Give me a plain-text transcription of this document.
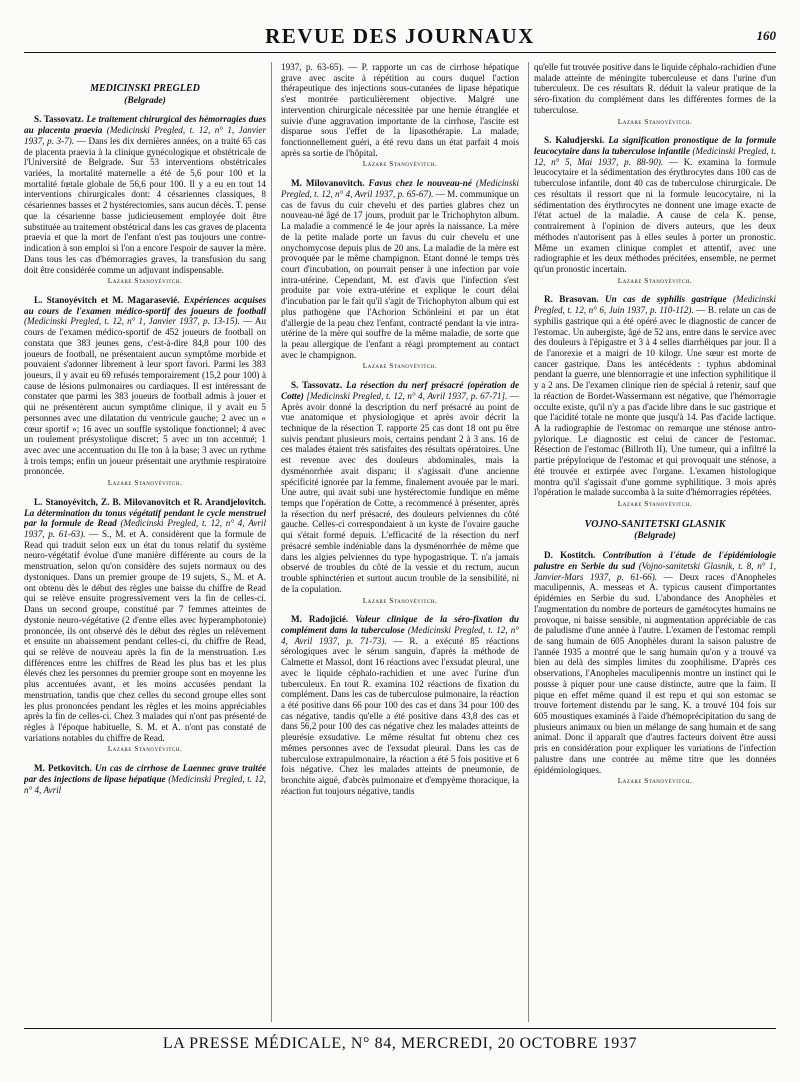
REVUE DES JOURNAUX	160
MEDICINSKI PREGLED
(Belgrade)

S. Tassovatz. Le traitement chirurgical des hémorragies dues au placenta praevia (Medicinski Pregled, t. 12, n° 1, Janvier 1937, p. 3-7). — Dans les dix dernières années, on a traité 65 cas de placenta praevia à la clinique gynécologique et obstétricale de l'Université de Belgrade. Sur 53 interventions obstétricales variées, la mortalité maternelle a été de 5,6 pour 100 et la mortalité fœtale globale de 56,6 pour 100. Il y a eu en tout 14 interventions chirurgicales dont: 4 césariennes classiques, 8 césariennes basses et 2 hystérectomies, sans aucun décès. T. pense que la césarienne basse judicieusement employée doit être substituée au traitement obstétrical dans les cas graves de placenta praevia et que la mort de l'enfant n'est pas toujours une contre-indication à son emploi si l'on a encore l'espoir de sauver la mère. Dans tous les cas d'hémorragies graves, la transfusion du sang doit être considérée comme un adjuvant indispensable.

Lazare Stanoyévitch.

L. Stanoyévitch et M. Magarasevié. Expériences acquises au cours de l'examen médico-sportif des joueurs de football (Medicinski Pregled, t. 12, n° 1, Janvier 1937, p. 13-15). — Au cours de l'examen médico-sportif de 452 joueurs de football on constata que 383 jeunes gens, c'est-à-dire 84,8 pour 100 des joueurs de football, ne présentaient aucun symptôme morbide et pouvaient s'adonner librement à leur sport favori. Parmi les 383 joueurs, il y avait eu 69 refusés temporairement (15,2 pour 100) à cause de lésions pulmonaires ou cardiaques. Il est intéressant de constater que parmi les 383 joueurs de football admis à jouer et qui ne présentèrent aucun symptôme clinique, il y avait eu 5 personnes avec une dilatation du ventricule gauche; 2 avec un « cœur sportif »; 16 avec un souffle systolique fonctionnel; 4 avec un roulement présystolique discret; 5 avec un ton accentué; 1 avec avec une accentuation du IIe ton à la base; 3 avec un rythme à trois temps; enfin un joueur présentait une arythmie respiratoire prononcée.

Lazare Stanoyévitch.

L. Stanoyévitch, Z. B. Milovanovitch et R. Arandjelovitch. La détermination du tonus végétatif pendant le cycle menstruel par la formule de Read (Medicinski Pregled, t. 12, n° 4, Avril 1937, p. 61-63). — S., M. et A. considèrent que la formule de Read qui traduit selon eux un état du tonus relatif du système neuro-végétatif évolue d'une manière différente au cours de la menstruation, selon qu'on considère des sujets normaux ou des dystoniques. Dans un premier groupe de 19 sujets, S., M. et A. ont obtenu dès le début des règles une baisse du chiffre de Read qui se relève ensuite progressivement vers la fin de celles-ci. Dans un second groupe, constitué par 7 femmes atteintes de dystonie neuro-végétative (2 d'entre elles avec hyperamphotonie) prononcée, ils ont observé dès le début des règles un relèvement et ensuite un abaissement pendant celles-ci, du chiffre de Read, qui se relève de nouveau après la fin de la menstruation. Les différences entre les chiffres de Read les plus bas et les plus élevés chez les personnes du premier groupe sont en moyenne les plus accentuées avant, et les moins accusées pendant la menstruation, tandis que chez celles du second groupe elles sont les plus prononcées pendant les règles et les moins appréciables après la fin de celles-ci. Chez 3 malades qui n'ont pas présenté de règles à l'époque habituelle, S. M. et A. n'ont pas constaté de variations notables du chiffre de Read.

Lazare Stanoyévitch.

M. Petkovitch. Un cas de cirrhose de Laennec grave traitée par des injections de lipase hépatique (Medicinski Pregled, t. 12, n° 4, Avril

1937, p. 63-65). — P. rapporte un cas de cirrhose hépatique grave avec ascite à répétition au cours duquel l'action thérapeutique des injections sous-cutanées de lipase hépatique s'est montrée particulièrement objective. Malgré une intervention chirurgicale nécessitée par une hernie étranglée et suivie d'une aggravation importante de la cirrhose, l'ascite est disparue sous l'effet de la lipasothérapie. La malade, fonctionnellement guéri, a été revu dans un état parfait 4 mois après sa sortie de l'hôpital.

Lazare Stanoyévitch.

M. Milovanovitch. Favus chez le nouveau-né (Medicinski Pregled, t. 12, n° 4, Avril 1937, p. 65-67). — M. communique un cas de favus du cuir chevelu et des parties glabres chez un nouveau-né âgé de 17 jours, produit par le Trichophyton album. La maladie a commencé le 4e jour après la naissance. La mère de la petite malade porte un favus du cuir chevelu et une onychomycose depuis plus de 20 ans. La maladie de la mère est provoquée par le même champignon. Etant donné le temps très court d'incubation, on pourrait penser à une infection par voie intra-utérine. Cependant, M. est d'avis que l'infection s'est produite par voie extra-utérine et explique le court délai d'incubation par le fait qu'il s'agit de Trichophyton album qui est plus pathogène que l'Achorion Schönleini et par un état d'allergie de la peau chez l'enfant, contracté pendant la vie intra-utérine de la mère qui souffre de la même maladie, de sorte que la peau allergique de l'enfant a réagi promptement au contact avec le champignon.

Lazare Stanoyévitch.

S. Tassovatz. La résection du nerf présacré (opération de Cotte) [Medicinski Pregled, t. 12, n° 4, Avril 1937, p. 67-71]. — Après avoir donné la description du nerf présacré au point de vue anatomique et physiologique et après avoir décrit la technique de la résection T. rapporte 25 cas dont 18 ont pu être suivis pendant plusieurs mois, certains pendant 2 à 3 ans. 16 de ces malades étaient très satisfaites des résultats opératoires. Une est revenue avec des douleurs abdominales, mais la dysménorrhée avait disparu; il s'agissait d'une ancienne spécificité ignorée par la femme, finalement avouée par le mari. Une autre, qui avait subi une hystérectomie fundique en même temps que l'opération de Cotte, a recommencé à présenter, après la résection du nerf présacré, des douleurs pelviennes du côté gauche. Celles-ci correspondaient à un kyste de l'ovaire gauche qui s'était formé depuis. L'efficacité de la résection du nerf présacré semble indéniable dans la dysménorrhée de même que dans les algies pelviennes du type hypogastrique. T. n'a jamais observé de troubles du côté de la vessie et du rectum, aucun trouble sphinctérien et surtout aucun trouble de la sensibilité, ni de la copulation.

Lazare Stanoyévitch.

M. Radojicié. Valeur clinique de la séro-fixation du complément dans la tuberculose (Medicinski Pregled, t. 12, n° 4, Avril 1937, p. 71-73). — R. a exécuté 85 réactions sérologiques avec le sérum sanguin, d'après la méthode de Calmette et Massol, dont 16 réactions avec l'exsudat pleural, une avec le liquide céphalo-rachidien et une avec l'urine d'un tuberculeux. En tout R. examina 102 réactions de fixation du complément. Dans les cas de tuberculose pulmonaire, la réaction a été positive dans 66 pour 100 des cas et dans 34 pour 100 des cas négative, tandis qu'elle a été positive dans 43,8 des cas et dans 56,2 pour 100 des cas négative chez les malades atteints de pleurésie exsudative. Le même résultat fut obtenu chez ces mêmes personnes avec de l'exsudat pleural. Dans les cas de tuberculose extrapulmonaire, la réaction a été 5 fois positive et 6 fois négative. Chez les malades atteints de pneumonie, de bronchite aiguë, d'abcès pulmonaire et d'empyème thoracique, la réaction fut toujours négative, tandis

qu'elle fut trouvée positive dans le liquide céphalo-rachidien d'une malade atteinte de méningite tuberculeuse et dans l'urine d'un tuberculeux. De ces résultats R. déduit la valeur pratique de la séro-fixation du complément dans les différentes formes de la tuberculose.

Lazare Stanoyévitch.

S. Kaludjerski. La signification pronostique de la formule leucocytaire dans la tuberculose infantile (Medicinski Pregled, t. 12, n° 5, Mai 1937, p. 88-90). — K. examina la formule leucocytaire et la sédimentation des érythrocytes dans 100 cas de tuberculose infantile, dont 40 cas de tuberculose chirurgicale. De ces résultats il ressort que ni la formule leucocytaire, ni la sédimentation des érythrocytes ne donnent une image exacte de l'état actuel de la maladie. A cause de cela K. pense, contrairement à l'opinion de divers auteurs, que les deux méthodes n'autorisent pas à elles seules à porter un pronostic. Même un examen clinique complet et attentif, avec une radiographie et les deux méthodes précitées, ensemble, ne permet qu'un pronostic incertain.

Lazare Stanoyévitch.

R. Brasovan. Un cas de syphilis gastrique (Medicinski Pregled, t. 12, n° 6, Juin 1937, p. 110-112). — B. relate un cas de syphilis gastrique qui a été opéré avec le diagnostic de cancer de l'estomac. Un aubergiste, âgé de 52 ans, entre dans le service avec des douleurs à l'épigastre et 3 à 4 selles diarrhéiques par jour. Il a de l'anorexie et a maigri de 10 kilogr. Une sœur est morte de cancer gastrique. Dans les antécédents : typhus abdominal pendant la guerre, une blennorragie et une infection syphilitique il y a 2 ans. De l'examen clinique rien de spécial à retenir, sauf que la réaction de Bordet-Wassermann est négative, que l'hémorragie occulte existe, qu'il n'y a pas d'acide libre dans le suc gastrique et que l'acidité totale ne monte que jusqu'à 14. Pas d'acide lactique. A la radiographie de l'estomac on remarque une sténose antro-pylorique. Le diagnostic est celui de cancer de l'estomac. Résection de l'estomac (Billroth II). Une tumeur, qui a infiltré la partie prépylorique de l'estomac et qui provoquait une sténose, a été trouvée et extirpée avec l'organe. L'examen histologique montra qu'il s'agissait d'une gomme syphilitique. 3 mois après l'opération le malade succomba à la suite d'hémorragies répétées.

Lazare Stanoyévitch.
VOJNO-SANITETSKI GLASNIK
(Belgrade)

D. Kostitch. Contribution à l'étude de l'épidémiologie palustre en Serbie du sud (Vojno-sanitetski Glasnik, t. 8, n° 1, Janvier-Mars 1937, p. 61-66). — Deux races d'Anopheles maculipennis, A. messeas et A. typicus causent d'importantes épidémies en Serbie du sud. L'abondance des Anophèles et l'augmentation du nombre de porteurs de gamétocytes humains ne provoque, ni baisse sensible, ni augmentation appréciable de cas de paludisme d'une année à l'autre. L'examen de l'estomac rempli de sang humain de 605 Anophèles durant la saison palustre de l'année 1935 a montré que le sang humain qu'on y a trouvé va bien au delà des simples limites du zoophilisme. D'après ces observations, l'Anopheles maculipennis montre un instinct qui le pousse à piquer pour une cause distincte, autre que la faim. Il pique en effet même quand il est repu et qui son estomac se trouve fortement distendu par le sang. K. a trouvé 104 fois sur 605 moustiques examinés à l'aide d'hémoprécipitation du sang de plusieurs animaux ou bien un mélange de sang humain et de sang animal. Donc il apparaît que d'autres facteurs doivent être aussi pris en considération pour expliquer les variations de l'infection palustre dans une contrée au même titre que les données épidémiologiques.

Lazare Stanoyévitch.
LA PRESSE MÉDICALE, N° 84, MERCREDI, 20 OCTOBRE 1937
